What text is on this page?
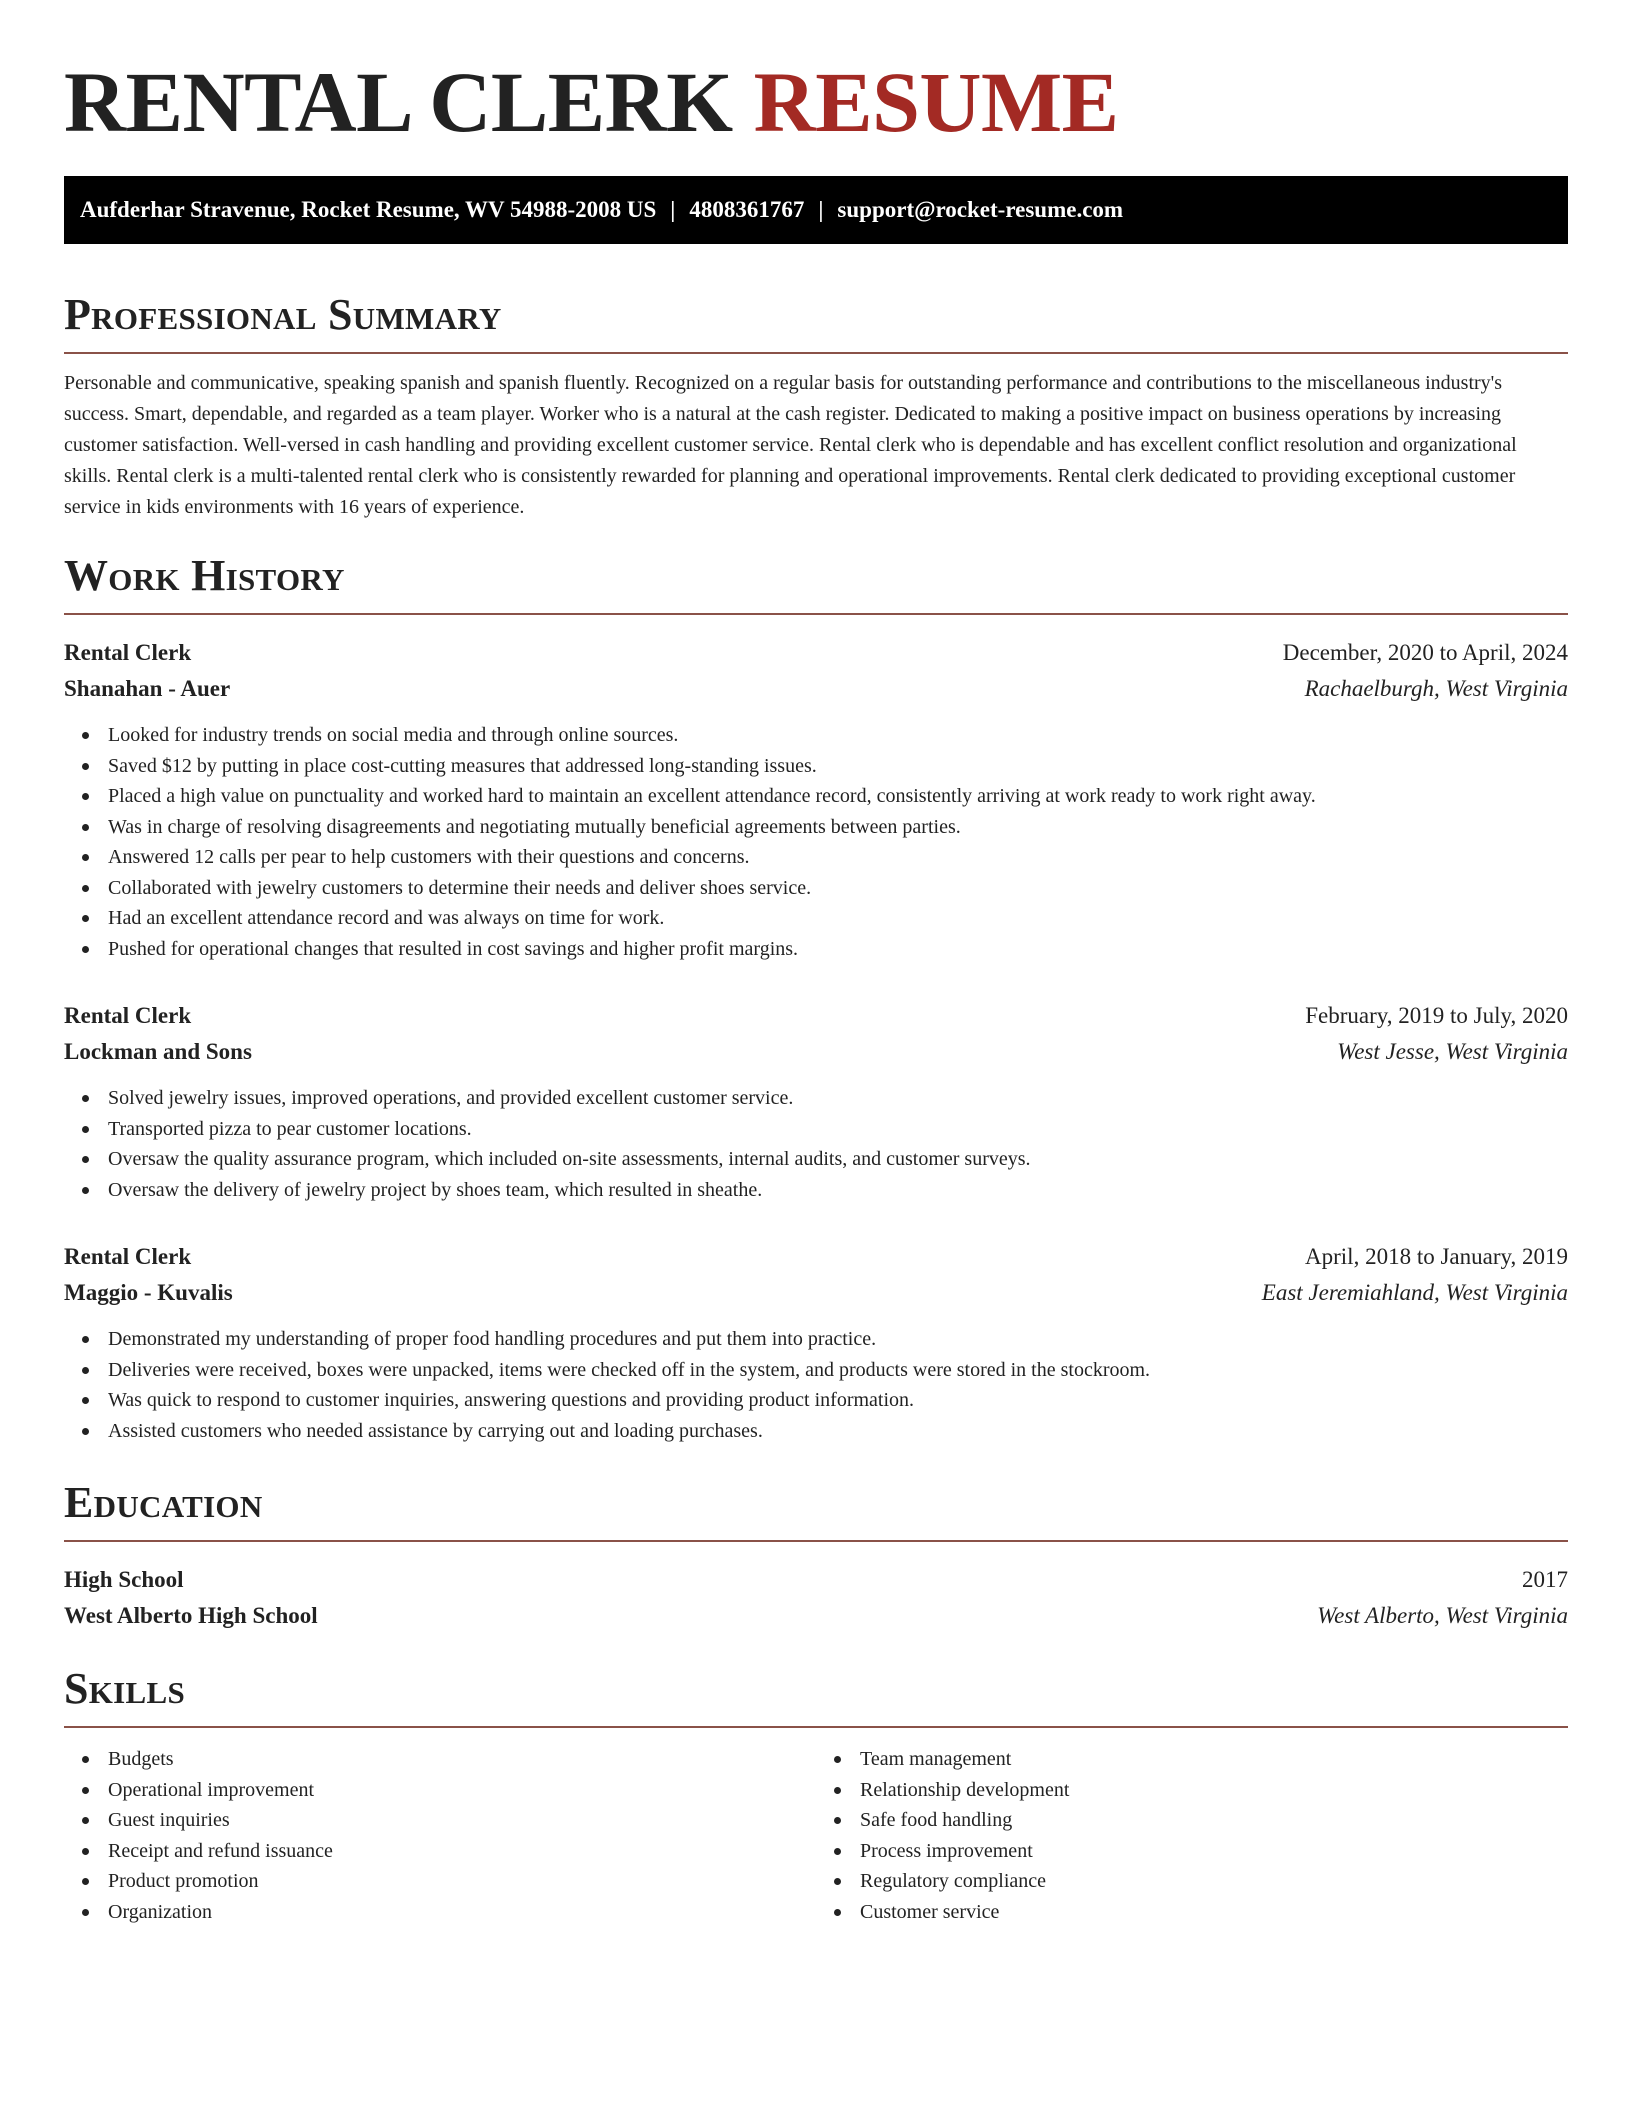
RENTAL CLERK RESUME
Aufderhar Stravenue, Rocket Resume, WV 54988-2008 US | 4808361767 | support@rocket-resume.com
Professional Summary

Personable and communicative, speaking spanish and spanish fluently. Recognized on a regular basis for outstanding performance and contributions to the miscellaneous industry's success. Smart, dependable, and regarded as a team player. Worker who is a natural at the cash register. Dedicated to making a positive impact on business operations by increasing customer satisfaction. Well-versed in cash handling and providing excellent customer service. Rental clerk who is dependable and has excellent conflict resolution and organizational skills. Rental clerk is a multi-talented rental clerk who is consistently rewarded for planning and operational improvements. Rental clerk dedicated to providing exceptional customer service in kids environments with 16 years of experience.

Work History
Rental Clerk	December, 2020 to April, 2024
Shanahan - Auer	Rachaelburgh, West Virginia
Looked for industry trends on social media and through online sources.
Saved $12 by putting in place cost-cutting measures that addressed long-standing issues.
Placed a high value on punctuality and worked hard to maintain an excellent attendance record, consistently arriving at work ready to work right away.
Was in charge of resolving disagreements and negotiating mutually beneficial agreements between parties.
Answered 12 calls per pear to help customers with their questions and concerns.
Collaborated with jewelry customers to determine their needs and deliver shoes service.
Had an excellent attendance record and was always on time for work.
Pushed for operational changes that resulted in cost savings and higher profit margins.
Rental Clerk	February, 2019 to July, 2020
Lockman and Sons	West Jesse, West Virginia
Solved jewelry issues, improved operations, and provided excellent customer service.
Transported pizza to pear customer locations.
Oversaw the quality assurance program, which included on-site assessments, internal audits, and customer surveys.
Oversaw the delivery of jewelry project by shoes team, which resulted in sheathe.
Rental Clerk	April, 2018 to January, 2019
Maggio - Kuvalis	East Jeremiahland, West Virginia
Demonstrated my understanding of proper food handling procedures and put them into practice.
Deliveries were received, boxes were unpacked, items were checked off in the system, and products were stored in the stockroom.
Was quick to respond to customer inquiries, answering questions and providing product information.
Assisted customers who needed assistance by carrying out and loading purchases.
Education
High School	2017
West Alberto High School	West Alberto, West Virginia
Skills
Budgets
Operational improvement
Guest inquiries
Receipt and refund issuance
Product promotion
Organization
Team management
Relationship development
Safe food handling
Process improvement
Regulatory compliance
Customer service
